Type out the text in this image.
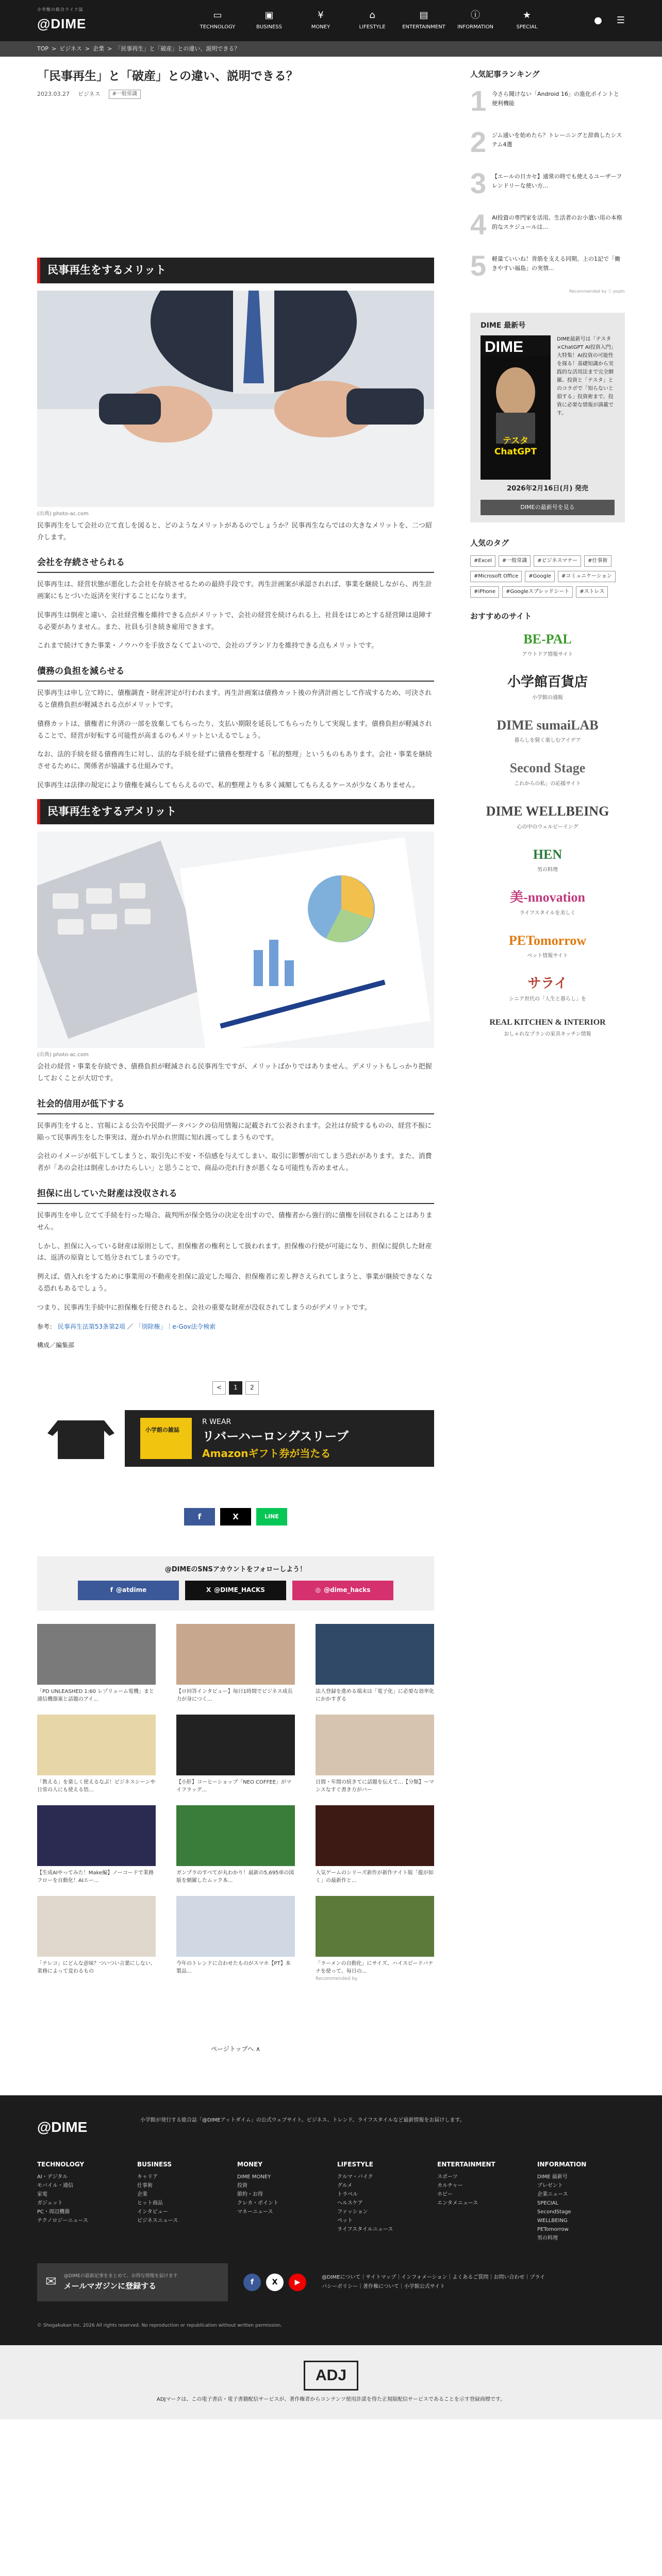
小学館の総合ライフ誌
@DIME
▭
TECHNOLOGY
▣
BUSINESS
¥
MONEY
⌂
LIFESTYLE
▤
ENTERTAINMENT
ⓘ
INFORMATION
★
SPECIAL
● ☰
TOP > ビジネス > 企業 > 「民事再生」と「破産」との違い、説明できる？
「民事再生」と「破産」との違い、説明できる？
2023.03.27 ビジネス	#一般常識
民事再生をするメリット
(出典) photo-ac.com

民事再生をして会社の立て直しを図ると、どのようなメリットがあるのでしょうか？民事再生ならではの大きなメリットを、二つ紹介します。

会社を存続させられる

民事再生は、経営状態が悪化した会社を存続させるための最終手段です。再生計画案が承認されれば、事業を継続しながら、再生計画案にもとづいた返済を実行することになります。

民事再生は倒産と違い、会社経営権を維持できる点がメリットで、会社の経営を続けられる上、社員をはじめとする経営陣は退陣する必要がありません。また、社員も引き続き雇用できます。

これまで続けてきた事業・ノウハウを手放さなくてよいので、会社のブランド力を維持できる点もメリットです。

債務の負担を減らせる

民事再生は申し立て時に、債権調査・財産評定が行われます。再生計画案は債務カット後の弁済計画として作成するため、可決されると債務負担が軽減される点がメリットです。

債務カットは、債権者に弁済の一部を放棄してもらったり、支払い期限を延長してもらったりして実現します。債務負担が軽減されることで、経営が好転する可能性が高まるのもメリットといえるでしょう。

なお、法的手続を経る債務再生に対し、法的な手続を経ずに債務を整理する「私的整理」というものもあります。会社・事業を継続させるために、関係者が協議する仕組みです。

民事再生は法律の規定により債権を減らしてもらえるので、私的整理よりも多く減額してもらえるケースが少なくありません。

民事再生をするデメリット
(出典) photo-ac.com

会社の経営・事業を存続でき、債務負担が軽減される民事再生ですが、メリットばかりではありません。デメリットもしっかり把握しておくことが大切です。

社会的信用が低下する

民事再生をすると、官報による公告や民間データバンクの信用情報に記載されて公表されます。会社は存続するものの、経営不振に陥って民事再生をした事実は、遅かれ早かれ世間に知れ渡ってしまうものです。

会社のイメージが低下してしまうと、取引先に不安・不信感を与えてしまい、取引に影響が出てしまう恐れがあります。また、消費者が「あの会社は倒産しかけたらしい」と思うことで、商品の売れ行きが悪くなる可能性も否めません。

担保に出していた財産は没収される

民事再生を申し立てて手続を行った場合、裁判所が保全処分の決定を出すので、債権者から強行的に債権を回収されることはありません。

しかし、担保に入っている財産は原則として、担保権者の権利として扱われます。担保権の行使が可能になり、担保に提供した財産は、返済の原資として処分されてしまうのです。

例えば、借入れをするために事業用の不動産を担保に設定した場合、担保権者に差し押さえられてしまうと、事業が継続できなくなる恐れもあるでしょう。

つまり、民事再生手続中に担保権を行使されると、会社の重要な財産が没収されてしまうのがデメリットです。

参考： 民事再生法第53条第2項 ／ 「別除権」｜e-Gov法令検索
構成／編集部
<	1	2
小学館の雑誌
R WEAR
リバーハーロングスリーブ
Amazonギフト券が当たる
f	X	LINE
@DIMEのSNSアカウントをフォローしよう！
f @atdime	X @DIME_HACKS	◎ @dime_hacks
「PD UNLEASHED 1:60 レゾリューム電機」まと通信機器案と話題のアイ...
【ロ回答インタビュー】毎日1時間でビジネス成長力が身につく…
法人登録を進める端末は「電子化」に必要な効率化にかかすぎる
「教える」を楽しく使えるなぶ！ビジネスシーンや日常の人にも使える悟...
【小肝】コーヒーショップ「NEO COFFEE」がマイフラッグ...
日間・年間の続きてに話題を伝えて…【分類】ーマンスなすぐ書き方がバー
【生成AIやってみた！Make編】ノーコードで業務フローを自動化！AIエー...
ガンプラのすべてが丸わかり！最新の5,695車の図版を網羅したムック本...
人気ゲームのシリーズ新作が新作ナイト版「龍が如く」の最新作と...
「テレコ」にどんな意味？ついつい言葉にしない、業務によって変わるもの
今年のトレンドに合わせたものがスマホ【PT】本製品...
「ラーメンの自動化」にサイズ、ハイスピードバナナを使って、毎日の...
Recommended by
ページトップへ ∧
人気記事ランキング
1 今さら聞けない「Android 16」の進化ポイントと便利機能
2 ジム通いを始めたら？トレーニングと辞典したシステム4選
3 【エールの日カセ】通常の時でも使えるユーザーフレンドリーな使い方...
4 AI投資の専門家を活用、生活者のお小遣い用の本格的なスケジュールは...
5 軽量ていいね！背筋を支える同期、上の1記で「働きやすい福島」の実情...
Recommended by ⓘ popIn
DIME 最新号
DIME
テスタ ChatGPT
DIME最新号は「テスタ×ChatGPT AI投資入門」大特集！AI投資の可能性を探る！基礎知識から実践的な活用法まで完全網羅。投資と「テスタ」とのコラボで「知らないと損する」投資術まで、投資に必要な情報が満載です。
2026年2月16日(月) 発売
DIMEの最新号を見る
人気のタグ
#Excel	#一般常識	#ビジネスマナー	#仕事術
#Microsoft Office	#Google	#コミュニケーション
#iPhone	#Googleスプレッドシート	#ストレス
おすすめのサイト
BE-PAL
アウトドア情報サイト
小学館百貨店
小学館の通販
DIME sumaiLAB
暮らしを賢く楽しむアイデア
Second Stage
これからの私」の応援サイト
DIME WELLBEING
心の中のウェルビーイング
HEN
男の料理
美-nnovation
ライフスタイルを美しく
PETomorrow
ペット情報サイト
サライ
シニア世代の「人生と暮らし」を
REAL KITCHEN & INTERIOR
おしゃれなプランの家具キッチン情報
@DIME	小学館が発行する総合誌「@DIMEアットダイム」の公式ウェブサイト。ビジネス、トレンド、ライフスタイルなど最新情報をお届けします。
TECHNOLOGY
AI・デジタル
モバイル・通信
家電
ガジェット
PC・周辺機器
テクノロジーニュース
BUSINESS
キャリア
仕事術
企業
ヒット商品
インタビュー
ビジネスニュース
MONEY
DIME MONEY
投資
節約・お得
クレカ・ポイント
マネーニュース
LIFESTYLE
クルマ・バイク
グルメ
トラベル
ヘルスケア
ファッション
ペット
ライフスタイルニュース
ENTERTAINMENT
スポーツ
カルチャー
ホビー
エンタメニュース
INFORMATION
DIME 最新号
プレゼント
企業ニュース
SPECIAL
SecondStage
WELLBEING
PETomorrow
男の料理
✉ @DIMEの最新記事をまとめて、お得な情報を届けます
メールマガジンに登録する	f	X	▶
@DIMEについて｜サイトマップ｜インフォメーション｜よくあるご質問｜お問い合わせ｜プライバシーポリシー｜著作権について｜小学館公式サイト
© Shogakukan Inc. 2026 All rights reserved. No reproduction or republication without written permission.
ADJ
ADJマークは、この電子書店・電子書籍配信サービスが、著作権者からコンテンツ使用許諾を得た正規版配信サービスであることを示す登録商標です。
